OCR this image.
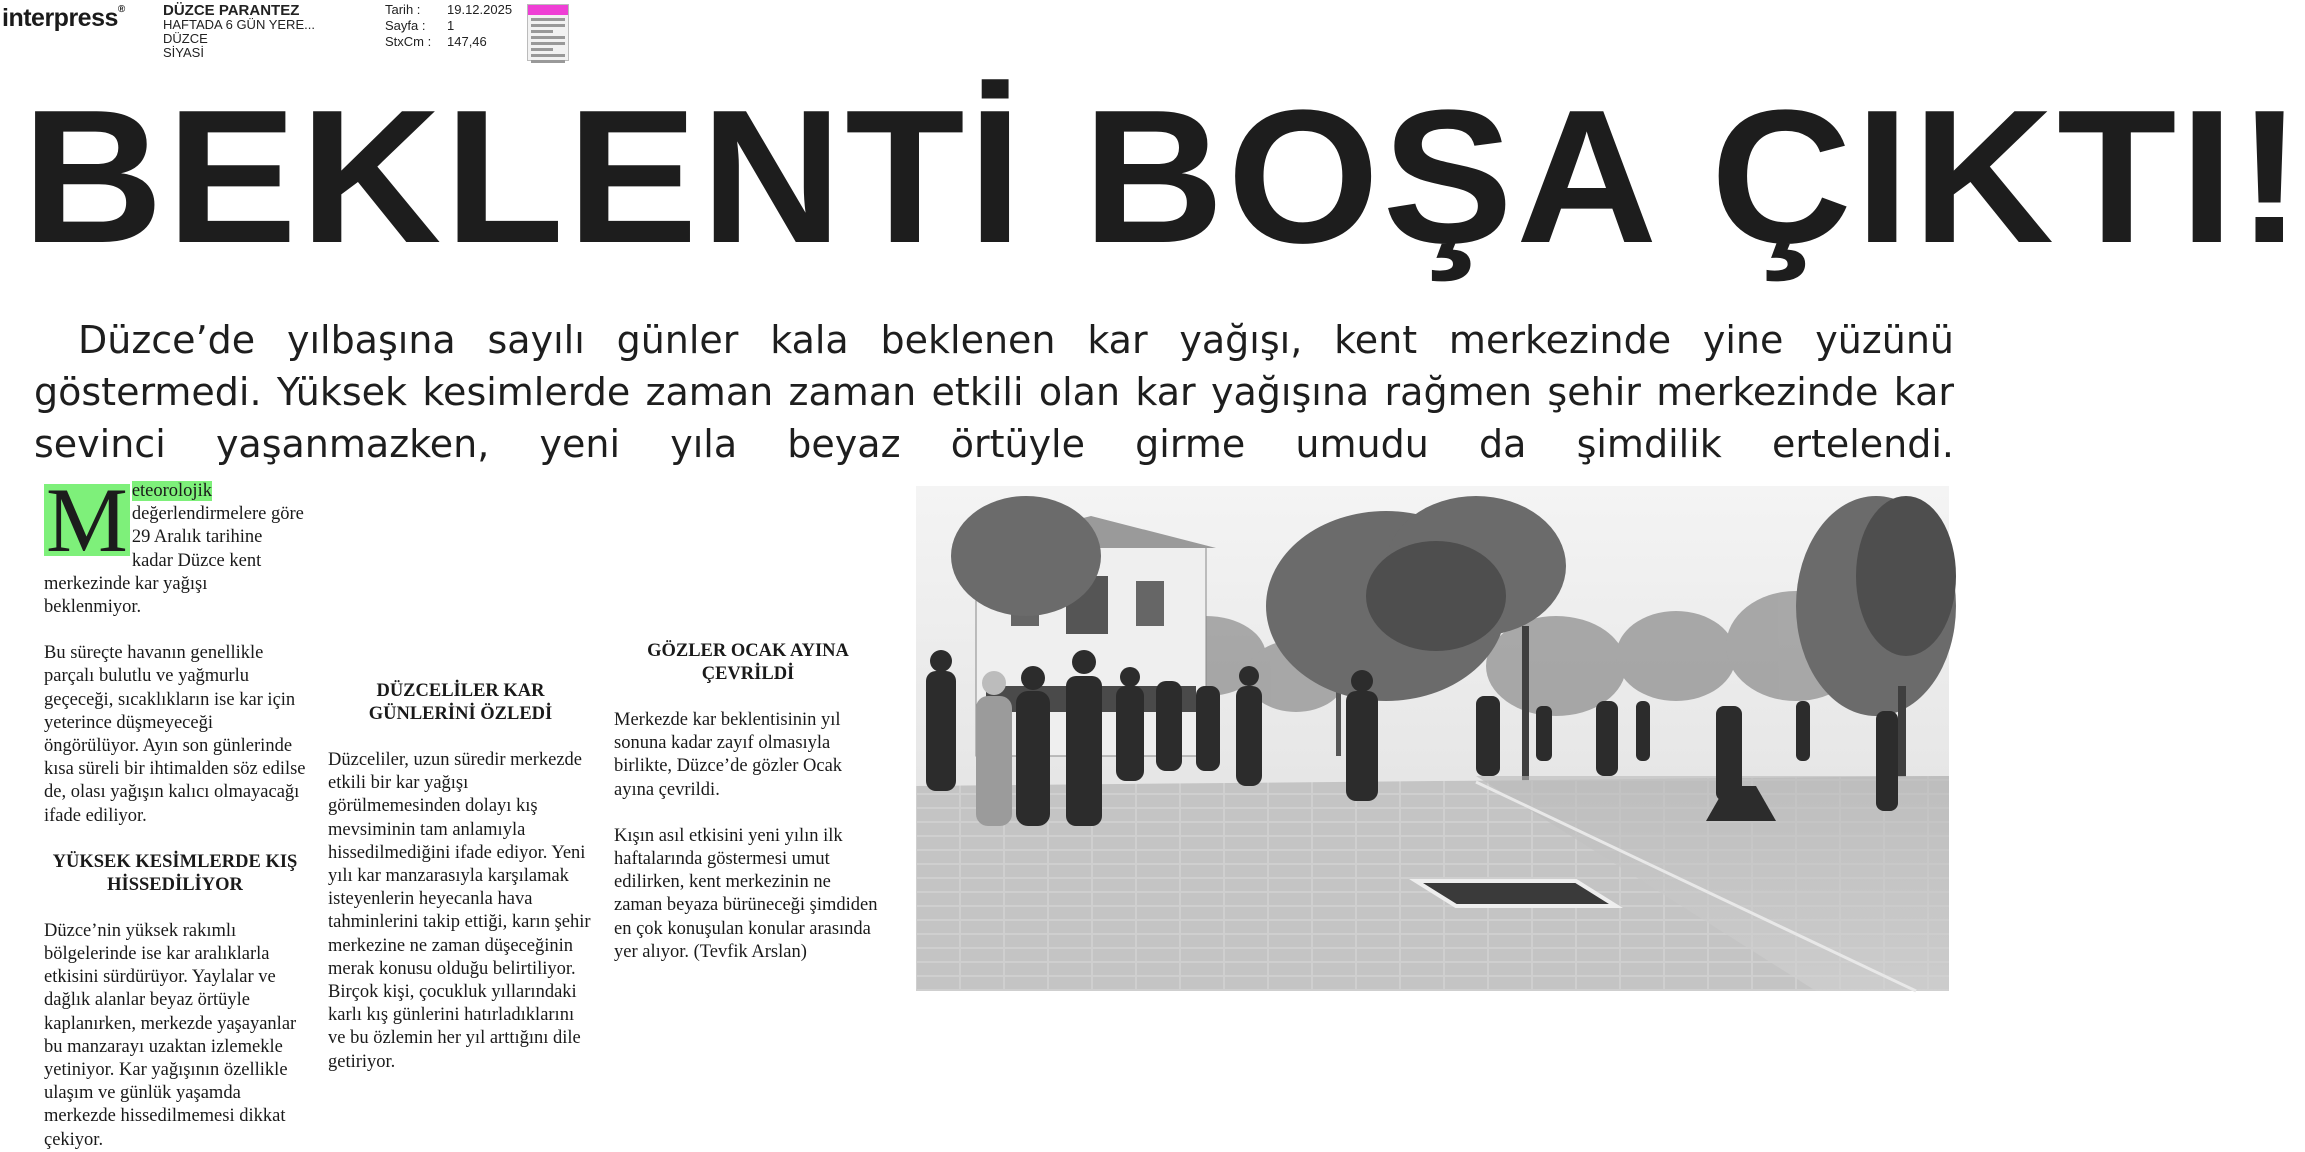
interpress®	DÜZCE PARANTEZ
HAFTADA 6 GÜN YERE...
DÜZCE
SİYASİ
Tarih :	19.12.2025
Sayfa :	1
StxCm :	147,46
BEKLENTİ BOŞA ÇIKTI!
Düzce’de yılbaşına sayılı günler kala beklenen kar yağışı, kent merkezinde yine yüzünü göstermedi. Yüksek kesimlerde zaman zaman etkili olan kar yağışına rağmen şehir merkezinde kar sevinci yaşanmazken, yeni yıla beyaz örtüyle girme umudu da şimdilik ertelendi.

M eteorolojik değerlendirmelere göre 29 Aralık tarihine kadar Düzce kent merkezinde kar yağışı beklenmiyor.

Bu süreçte havanın genellikle parçalı bulutlu ve yağmurlu geçeceği, sıcaklıkların ise kar için yeterince düşmeyeceği öngörülüyor. Ayın son günlerinde kısa süreli bir ihtimalden söz edilse de, olası yağışın kalıcı olmayacağı ifade ediliyor.

YÜKSEK KESİMLERDE KIŞ HİSSEDİLİYOR

Düzce’nin yüksek rakımlı bölgelerinde ise kar aralıklarla etkisini sürdürüyor. Yaylalar ve dağlık alanlar beyaz örtüyle kaplanırken, merkezde yaşayanlar bu manzarayı uzaktan izlemekle yetiniyor. Kar yağışının özellikle ulaşım ve günlük yaşamda merkezde hissedilmemesi dikkat çekiyor.

DÜZCELİLER KAR GÜNLERİNİ ÖZLEDİ

Düzceliler, uzun süredir merkezde etkili bir kar yağışı görülmemesinden dolayı kış mevsiminin tam anlamıyla hissedilmediğini ifade ediyor. Yeni yılı kar manzarasıyla karşılamak isteyenlerin heyecanla hava tahminlerini takip ettiği, karın şehir merkezine ne zaman düşeceğinin merak konusu olduğu belirtiliyor. Birçok kişi, çocukluk yıllarındaki karlı kış günlerini hatırladıklarını ve bu özlemin her yıl arttığını dile getiriyor.

GÖZLER OCAK AYINA ÇEVRİLDİ

Merkezde kar beklentisinin yıl sonuna kadar zayıf olmasıyla birlikte, Düzce’de gözler Ocak ayına çevrildi.

Kışın asıl etkisini yeni yılın ilk haftalarında göstermesi umut edilirken, kent merkezinin ne zaman beyaza bürüneceği şimdiden en çok konuşulan konular arasında yer alıyor. (Tevfik Arslan)
